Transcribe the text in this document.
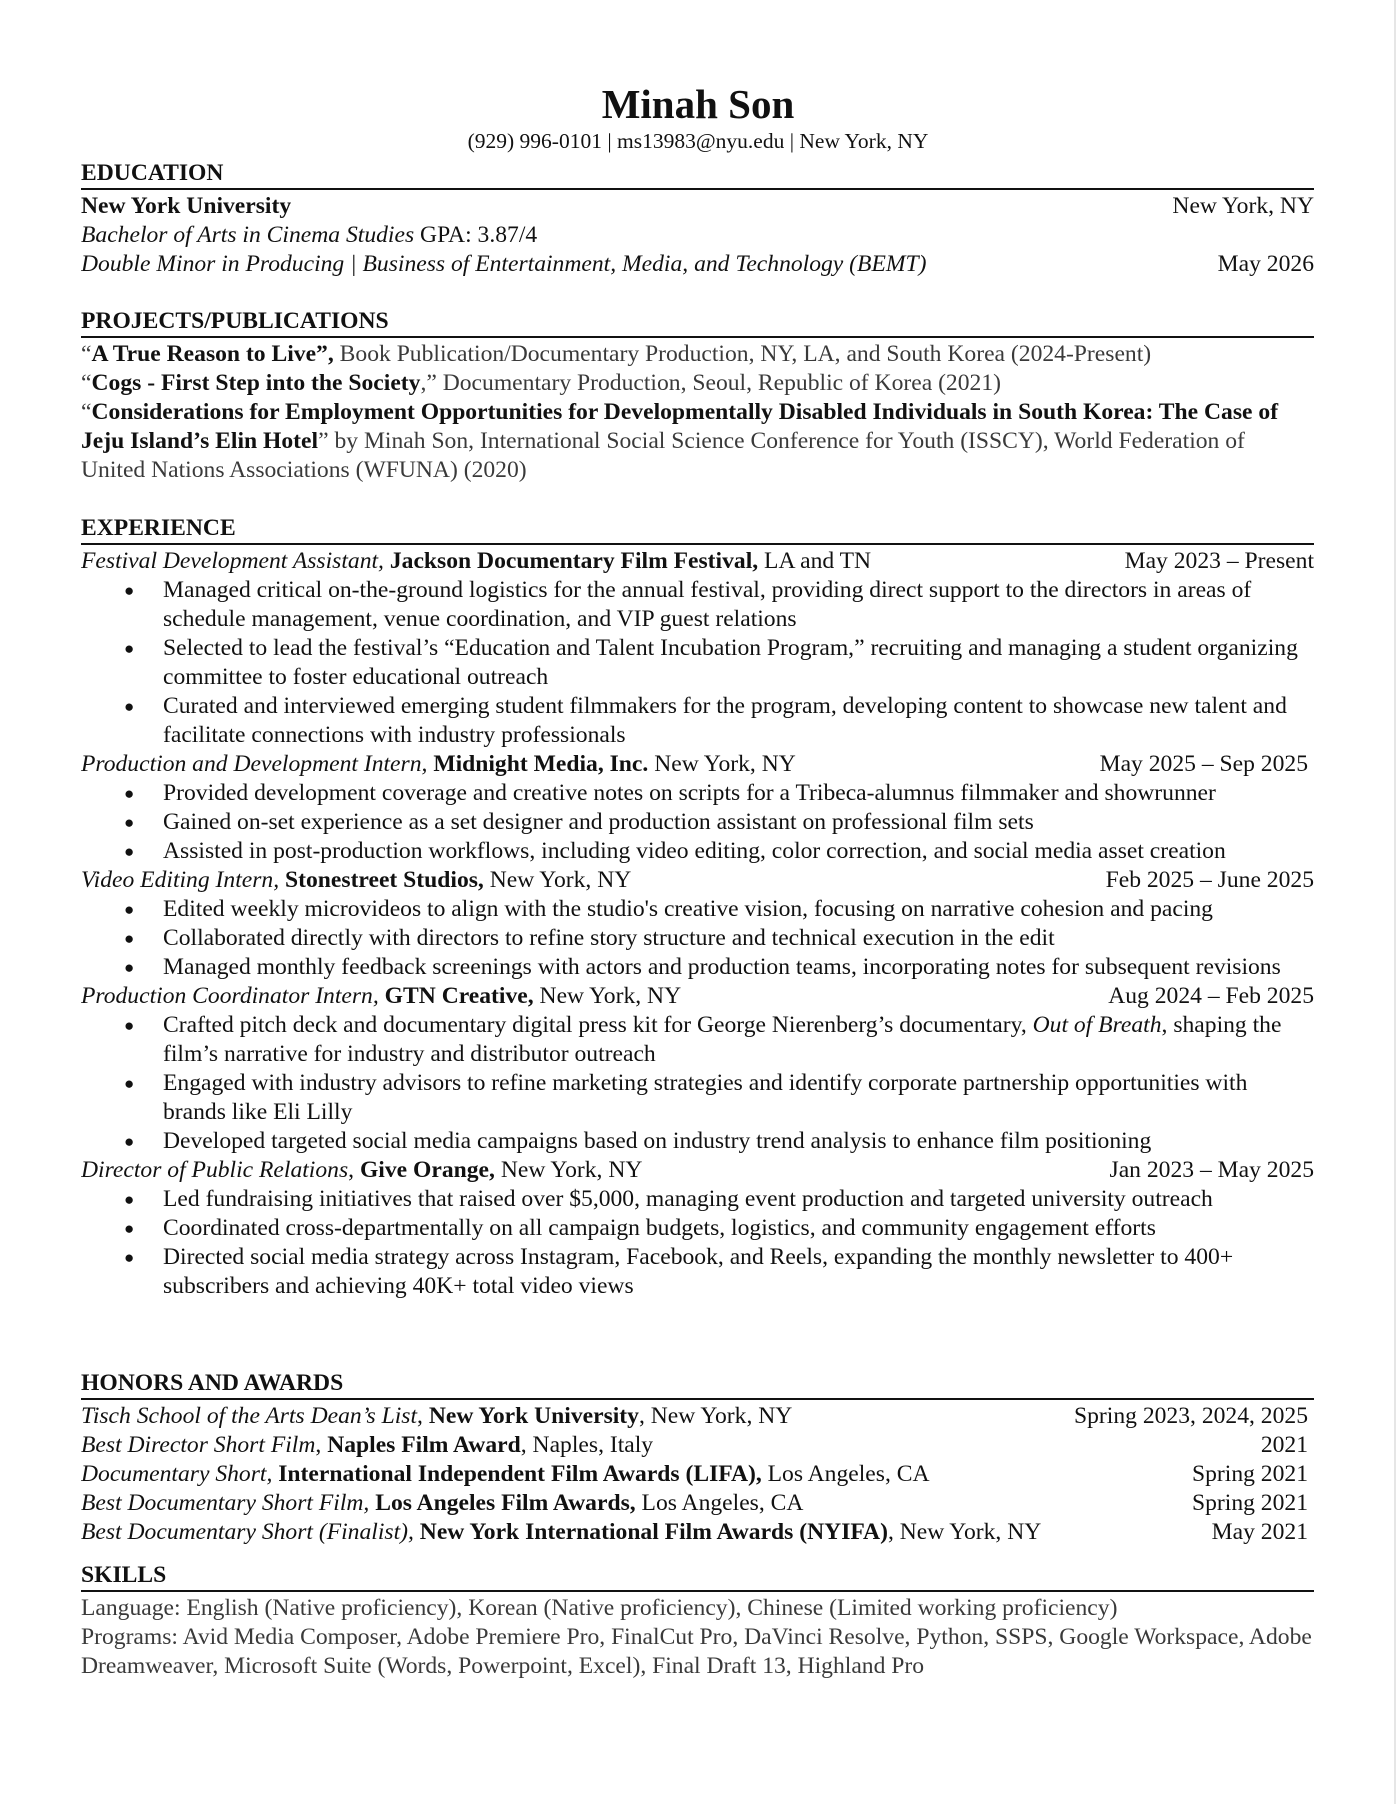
Minah Son
(929) 996-0101 | ms13983@nyu.edu | New York, NY
EDUCATION
New York University	New York, NY
Bachelor of Arts in Cinema Studies GPA: 3.87/4
Double Minor in Producing | Business of Entertainment, Media, and Technology (BEMT)	May 2026
PROJECTS/PUBLICATIONS

“A True Reason to Live”, Book Publication/Documentary Production, NY, LA, and South Korea (2024-Present)

“Cogs - First Step into the Society,” Documentary Production, Seoul, Republic of Korea (2021)

“Considerations for Employment Opportunities for Developmentally Disabled Individuals in South Korea: The Case of Jeju Island’s Elin Hotel” by Minah Son, International Social Science Conference for Youth (ISSCY), World Federation of United Nations Associations (WFUNA) (2020)

EXPERIENCE
Festival Development Assistant, Jackson Documentary Film Festival, LA and TN	May 2023 – Present
● Managed critical on-the-ground logistics for the annual festival, providing direct support to the directors in areas of schedule management, venue coordination, and VIP guest relations
● Selected to lead the festival’s “Education and Talent Incubation Program,” recruiting and managing a student organizing committee to foster educational outreach
● Curated and interviewed emerging student filmmakers for the program, developing content to showcase new talent and facilitate connections with industry professionals
Production and Development Intern, Midnight Media, Inc. New York, NY	May 2025 – Sep 2025
● Provided development coverage and creative notes on scripts for a Tribeca-alumnus filmmaker and showrunner
● Gained on-set experience as a set designer and production assistant on professional film sets
● Assisted in post-production workflows, including video editing, color correction, and social media asset creation
Video Editing Intern, Stonestreet Studios, New York, NY	Feb 2025 – June 2025
● Edited weekly microvideos to align with the studio's creative vision, focusing on narrative cohesion and pacing
● Collaborated directly with directors to refine story structure and technical execution in the edit
● Managed monthly feedback screenings with actors and production teams, incorporating notes for subsequent revisions
Production Coordinator Intern, GTN Creative, New York, NY	Aug 2024 – Feb 2025
● Crafted pitch deck and documentary digital press kit for George Nierenberg’s documentary, Out of Breath, shaping the film’s narrative for industry and distributor outreach
● Engaged with industry advisors to refine marketing strategies and identify corporate partnership opportunities with brands like Eli Lilly
● Developed targeted social media campaigns based on industry trend analysis to enhance film positioning
Director of Public Relations, Give Orange, New York, NY	Jan 2023 – May 2025
● Led fundraising initiatives that raised over $5,000, managing event production and targeted university outreach
● Coordinated cross-departmentally on all campaign budgets, logistics, and community engagement efforts
● Directed social media strategy across Instagram, Facebook, and Reels, expanding the monthly newsletter to 400+ subscribers and achieving 40K+ total video views
HONORS AND AWARDS
Tisch School of the Arts Dean’s List, New York University, New York, NY	Spring 2023, 2024, 2025
Best Director Short Film, Naples Film Award, Naples, Italy	2021
Documentary Short, International Independent Film Awards (LIFA), Los Angeles, CA	Spring 2021
Best Documentary Short Film, Los Angeles Film Awards, Los Angeles, CA	Spring 2021
Best Documentary Short (Finalist), New York International Film Awards (NYIFA), New York, NY	May 2021
SKILLS

Language: English (Native proficiency), Korean (Native proficiency), Chinese (Limited working proficiency)

Programs: Avid Media Composer, Adobe Premiere Pro, FinalCut Pro, DaVinci Resolve, Python, SSPS, Google Workspace, Adobe Dreamweaver, Microsoft Suite (Words, Powerpoint, Excel), Final Draft 13, Highland Pro
